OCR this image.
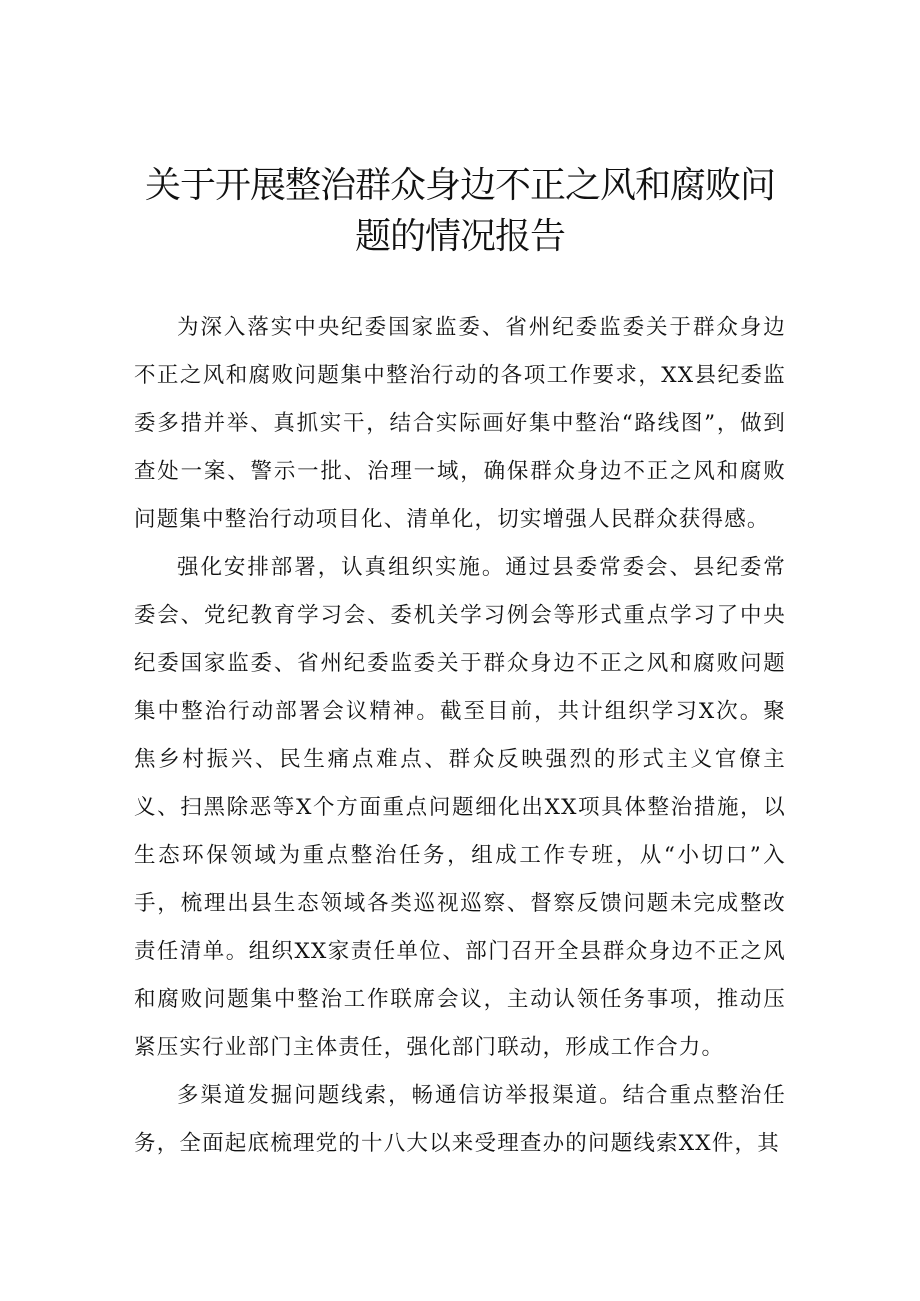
关于开展整治群众身边不正之风和腐败问
题的情况报告

为深入落实中央纪委国家监委、省州纪委监委关于群众身边不正之风和腐败问题集中整治行动的各项工作要求，XX县纪委监委多措并举、真抓实干，结合实际画好集中整治“路线图”，做到查处一案、警示一批、治理一域，确保群众身边不正之风和腐败问题集中整治行动项目化、清单化，切实增强人民群众获得感。

强化安排部署，认真组织实施。通过县委常委会、县纪委常委会、党纪教育学习会、委机关学习例会等形式重点学习了中央纪委国家监委、省州纪委监委关于群众身边不正之风和腐败问题集中整治行动部署会议精神。截至目前，共计组织学习X次。聚焦乡村振兴、民生痛点难点、群众反映强烈的形式主义官僚主义、扫黑除恶等X个方面重点问题细化出XX项具体整治措施，以生态环保领域为重点整治任务，组成工作专班，从“小切口”入手，梳理出县生态领域各类巡视巡察、督察反馈问题未完成整改责任清单。组织XX家责任单位、部门召开全县群众身边不正之风和腐败问题集中整治工作联席会议，主动认领任务事项，推动压紧压实行业部门主体责任，强化部门联动，形成工作合力。

多渠道发掘问题线索，畅通信访举报渠道。结合重点整治任务，全面起底梳理党的十八大以来受理查办的问题线索XX件，其
